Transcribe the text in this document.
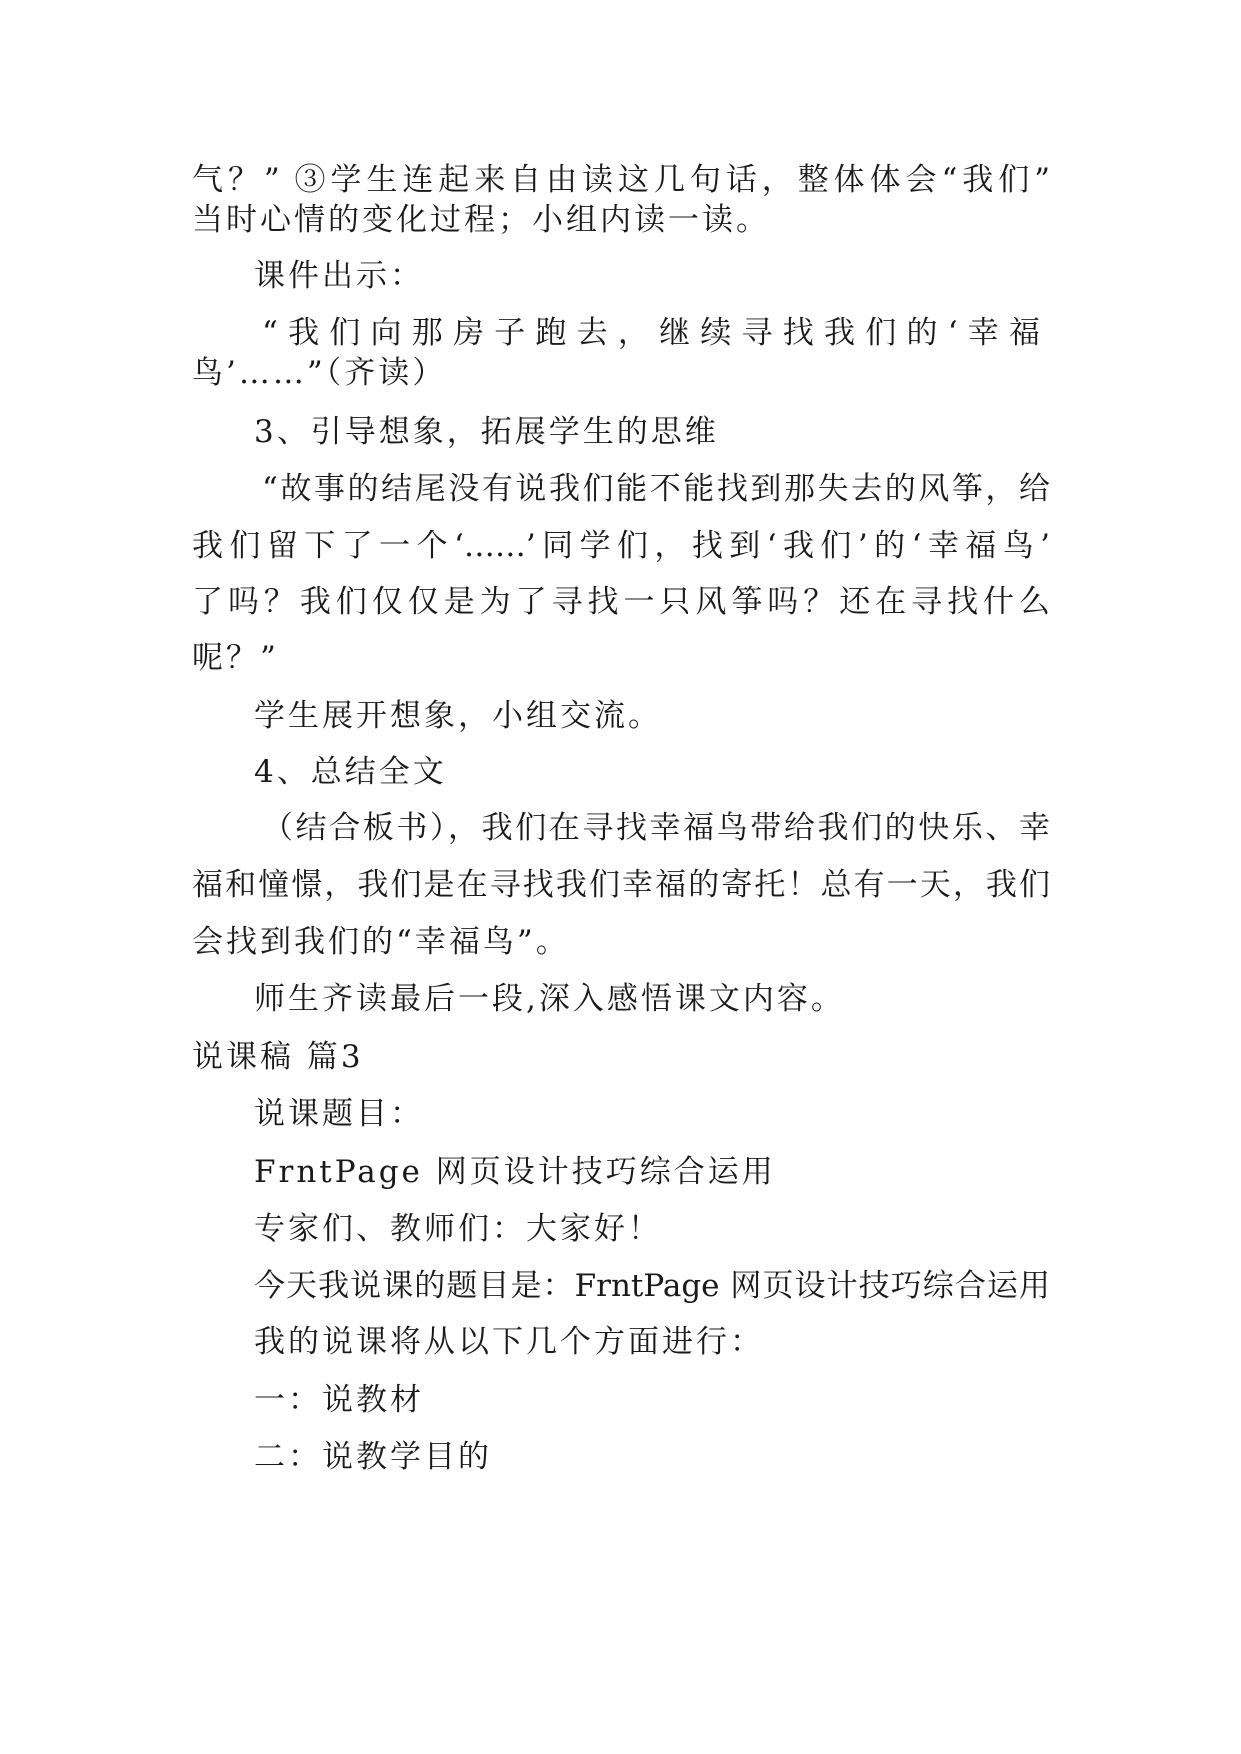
气？” ③学生连起来自由读这几句话，整体体会“我们”
当时心情的变化过程；小组内读一读。
课件出示：
“我们向那房子跑去，继续寻找我们的‘幸福
鸟’……”（齐读）
3、引导想象，拓展学生的思维
“故事的结尾没有说我们能不能找到那失去的风筝，给
我们留下了一个‘……’同学们，找到‘我们’的‘幸福鸟’
了吗？我们仅仅是为了寻找一只风筝吗？还在寻找什么
呢？”
学生展开想象，小组交流。
4、总结全文
（结合板书），我们在寻找幸福鸟带给我们的快乐、幸
福和憧憬，我们是在寻找我们幸福的寄托！总有一天，我们
会找到我们的“幸福鸟”。
师生齐读最后一段,深入感悟课文内容。
说课稿 篇3
说课题目：
FrntPage 网页设计技巧综合运用
专家们、教师们：大家好！
今天我说课的题目是：FrntPage 网页设计技巧综合运用
我的说课将从以下几个方面进行：
一：说教材
二：说教学目的
